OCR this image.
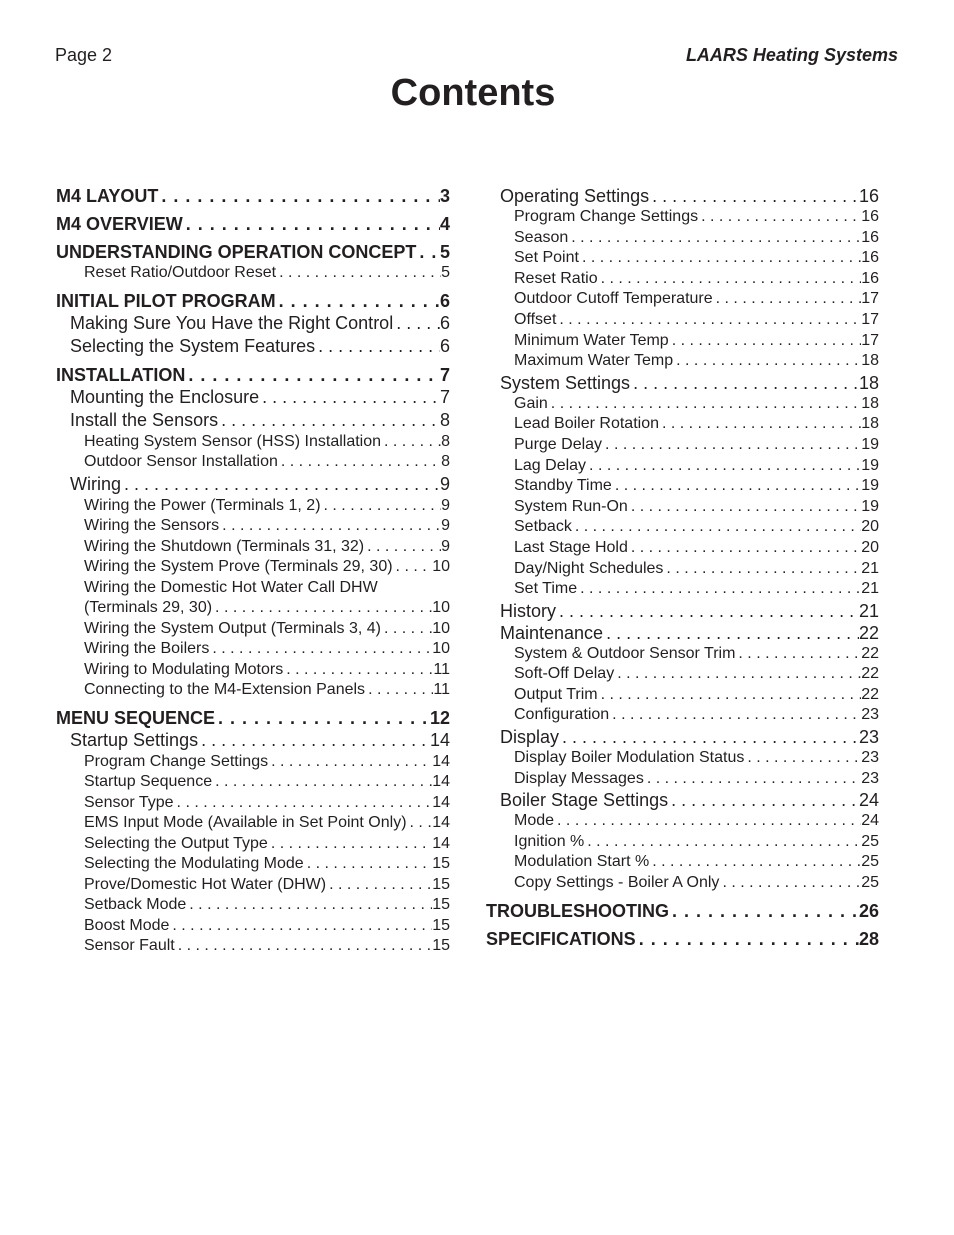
Page 2	LAARS Heating Systems
Contents
M4 LAYOUT . . .	3
M4 OVERVIEW . . .	4
UNDERSTANDING OPERATION CONCEPT . . . 5
Reset Ratio/Outdoor Reset . . .	5
INITIAL PILOT PROGRAM . . .	6
Making Sure You Have the Right Control . . .	6
Selecting the System Features . . .	6
INSTALLATION . . .	7
Mounting the Enclosure . . .	7
Install the Sensors . . .	8
Heating System Sensor (HSS) Installation . . .	8
Outdoor Sensor Installation . . .	8
Wiring . . .	9
Wiring the Power (Terminals 1, 2) . . .	9
Wiring the Sensors . . .	9
Wiring the Shutdown (Terminals 31, 32) . . .	9
Wiring the System Prove (Terminals 29, 30) . . . 10
Wiring the Domestic Hot Water Call DHW
(Terminals 29, 30) . . .	10
Wiring the System Output (Terminals 3, 4) . . .	10
Wiring the Boilers . . .	10
Wiring to Modulating Motors . . .	11
Connecting to the M4-Extension Panels . . .	11
MENU SEQUENCE . . .	12
Startup Settings . . .	14
Program Change Settings . . .	14
Startup Sequence . . .	14
Sensor Type . . .	14
EMS Input Mode (Available in Set Point Only) . . . 14
Selecting the Output Type . . .	14
Selecting the Modulating Mode . . .	15
Prove/Domestic Hot Water (DHW) . . .	15
Setback Mode . . .	15
Boost Mode . . .	15
Sensor Fault . . .	15
Operating Settings . . .	16
Program Change Settings . . .	16
Season . . .	16
Set Point . . .	16
Reset Ratio . . .	16
Outdoor Cutoff Temperature . . .	17
Offset . . .	17
Minimum Water Temp . . .	17
Maximum Water Temp . . .	18
System Settings . . .	18
Gain . . .	18
Lead Boiler Rotation . . .	18
Purge Delay . . .	19
Lag Delay . . .	19
Standby Time . . .	19
System Run-On . . .	19
Setback . . .	20
Last Stage Hold . . .	20
Day/Night Schedules . . .	21
Set Time . . .	21
History . . .	21
Maintenance . . .	22
System & Outdoor Sensor Trim . . .	22
Soft-Off Delay . . .	22
Output Trim . . .	22
Configuration . . .	23
Display . . .	23
Display Boiler Modulation Status . . .	23
Display Messages . . .	23
Boiler Stage Settings . . .	24
Mode . . .	24
Ignition % . . .	25
Modulation Start % . . .	25
Copy Settings - Boiler A Only . . .	25
TROUBLESHOOTING . . .	26
SPECIFICATIONS . . .	28
